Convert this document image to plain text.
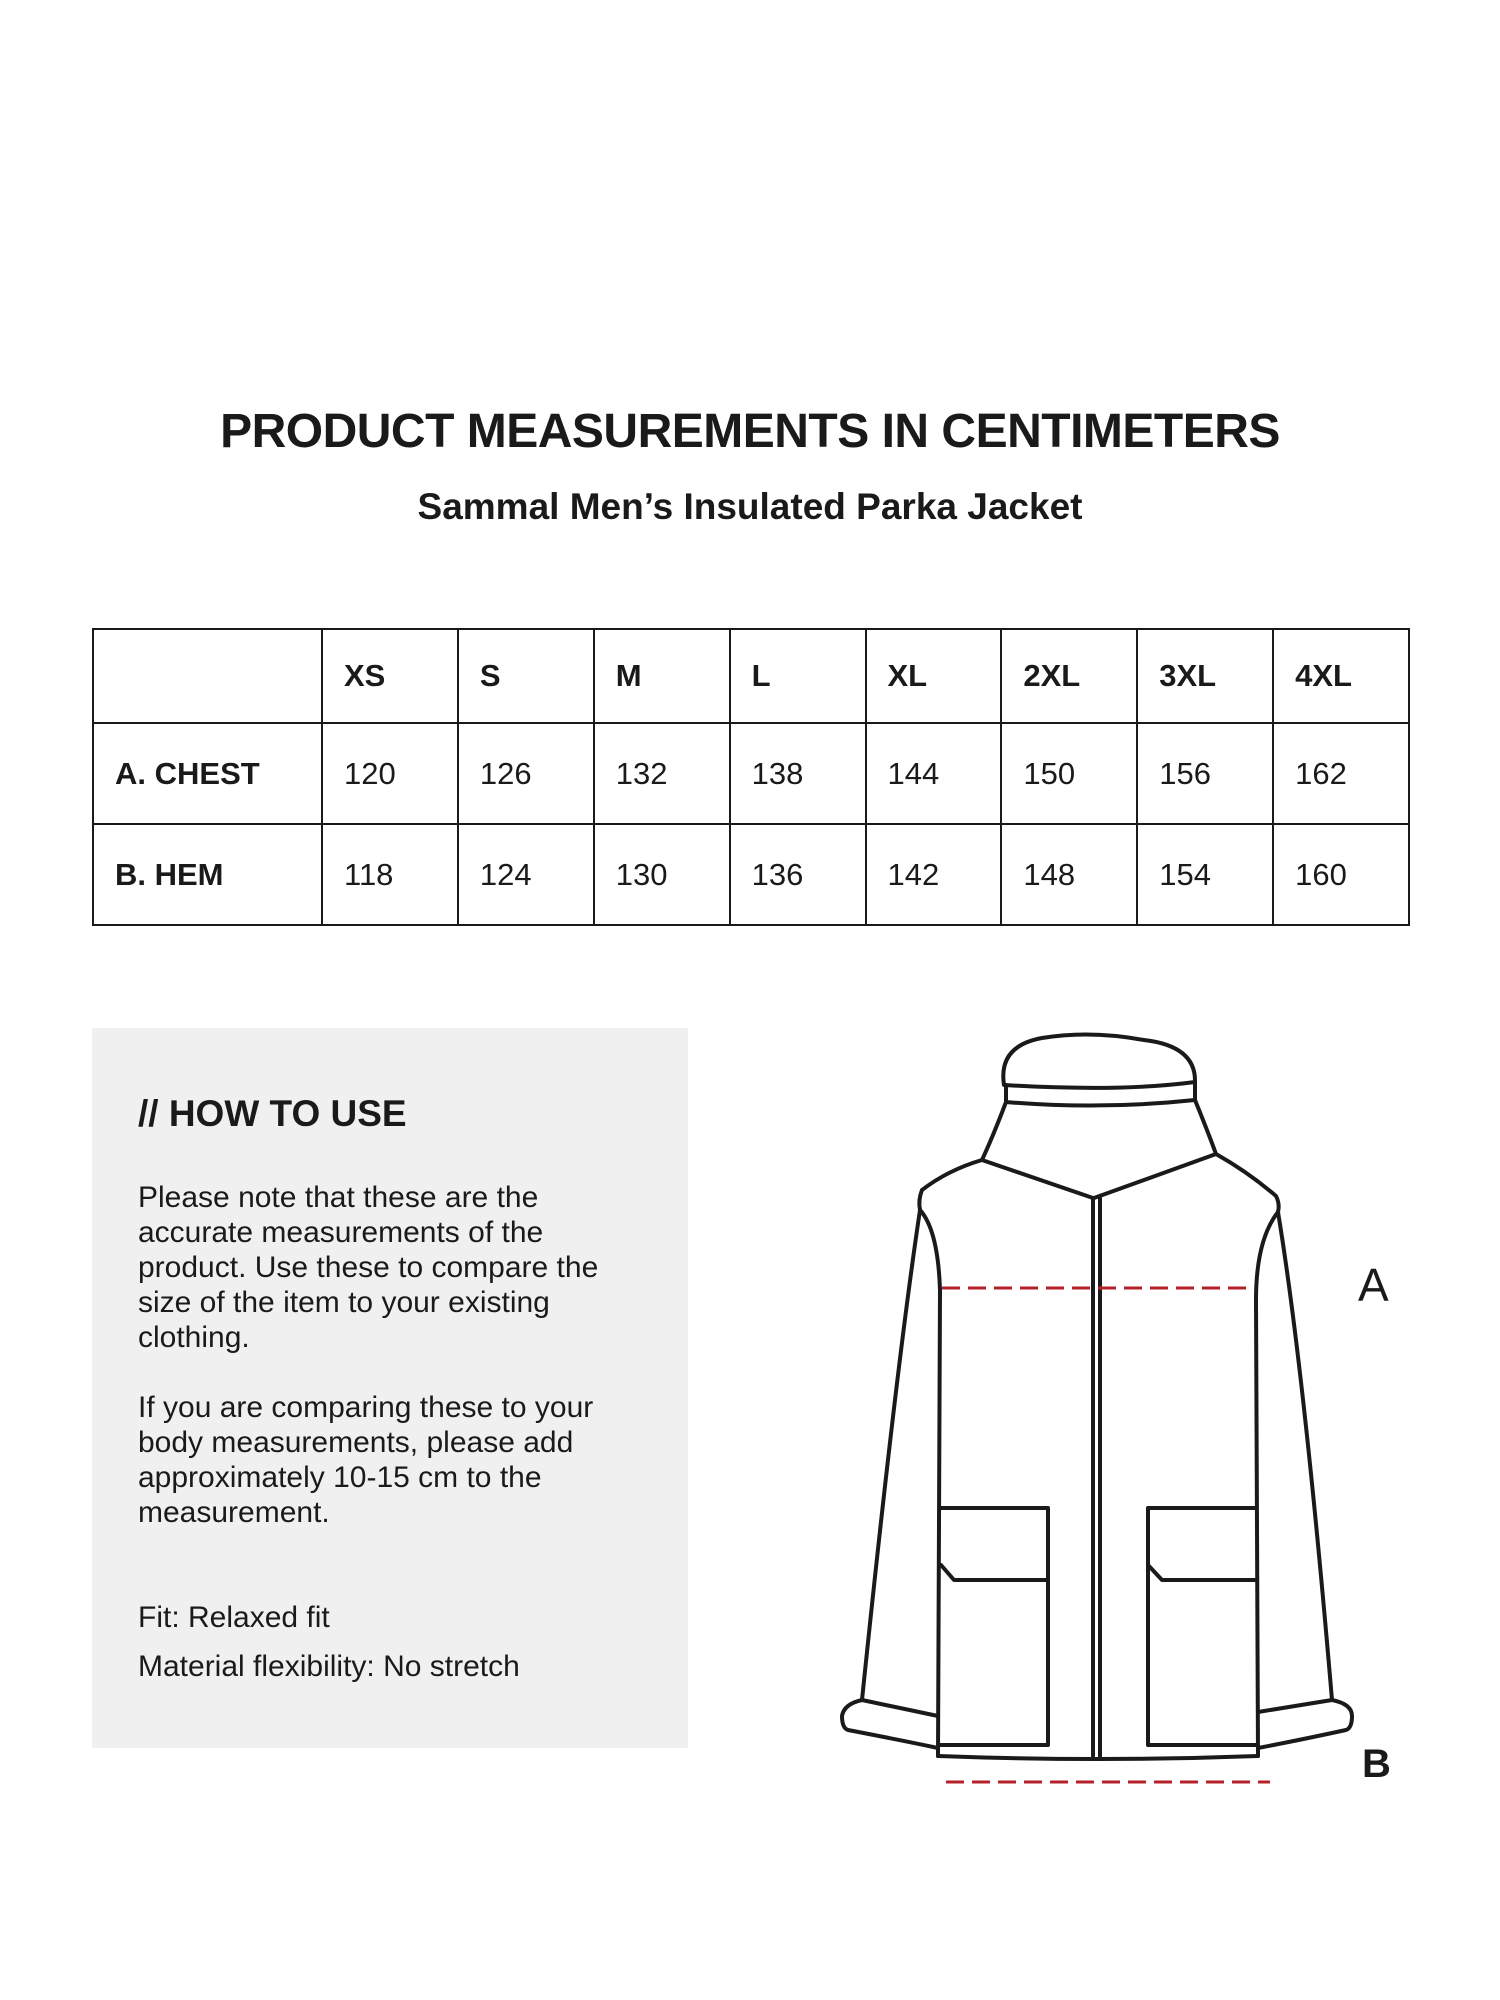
PRODUCT MEASUREMENTS IN CENTIMETERS
Sammal Men’s Insulated Parka Jacket
	XS	S	M	L	XL	2XL	3XL	4XL
A. CHEST	120	126	132	138	144	150	156	162
B. HEM	118	124	130	136	142	148	154	160
// HOW TO USE

Please note that these are the accurate measurements of the product. Use these to compare the size of the item to your existing clothing.

If you are comparing these to your body measurements, please add approximately 10-15 cm to the measurement.

Fit: Relaxed fit

Material flexibility: No stretch

A
B
